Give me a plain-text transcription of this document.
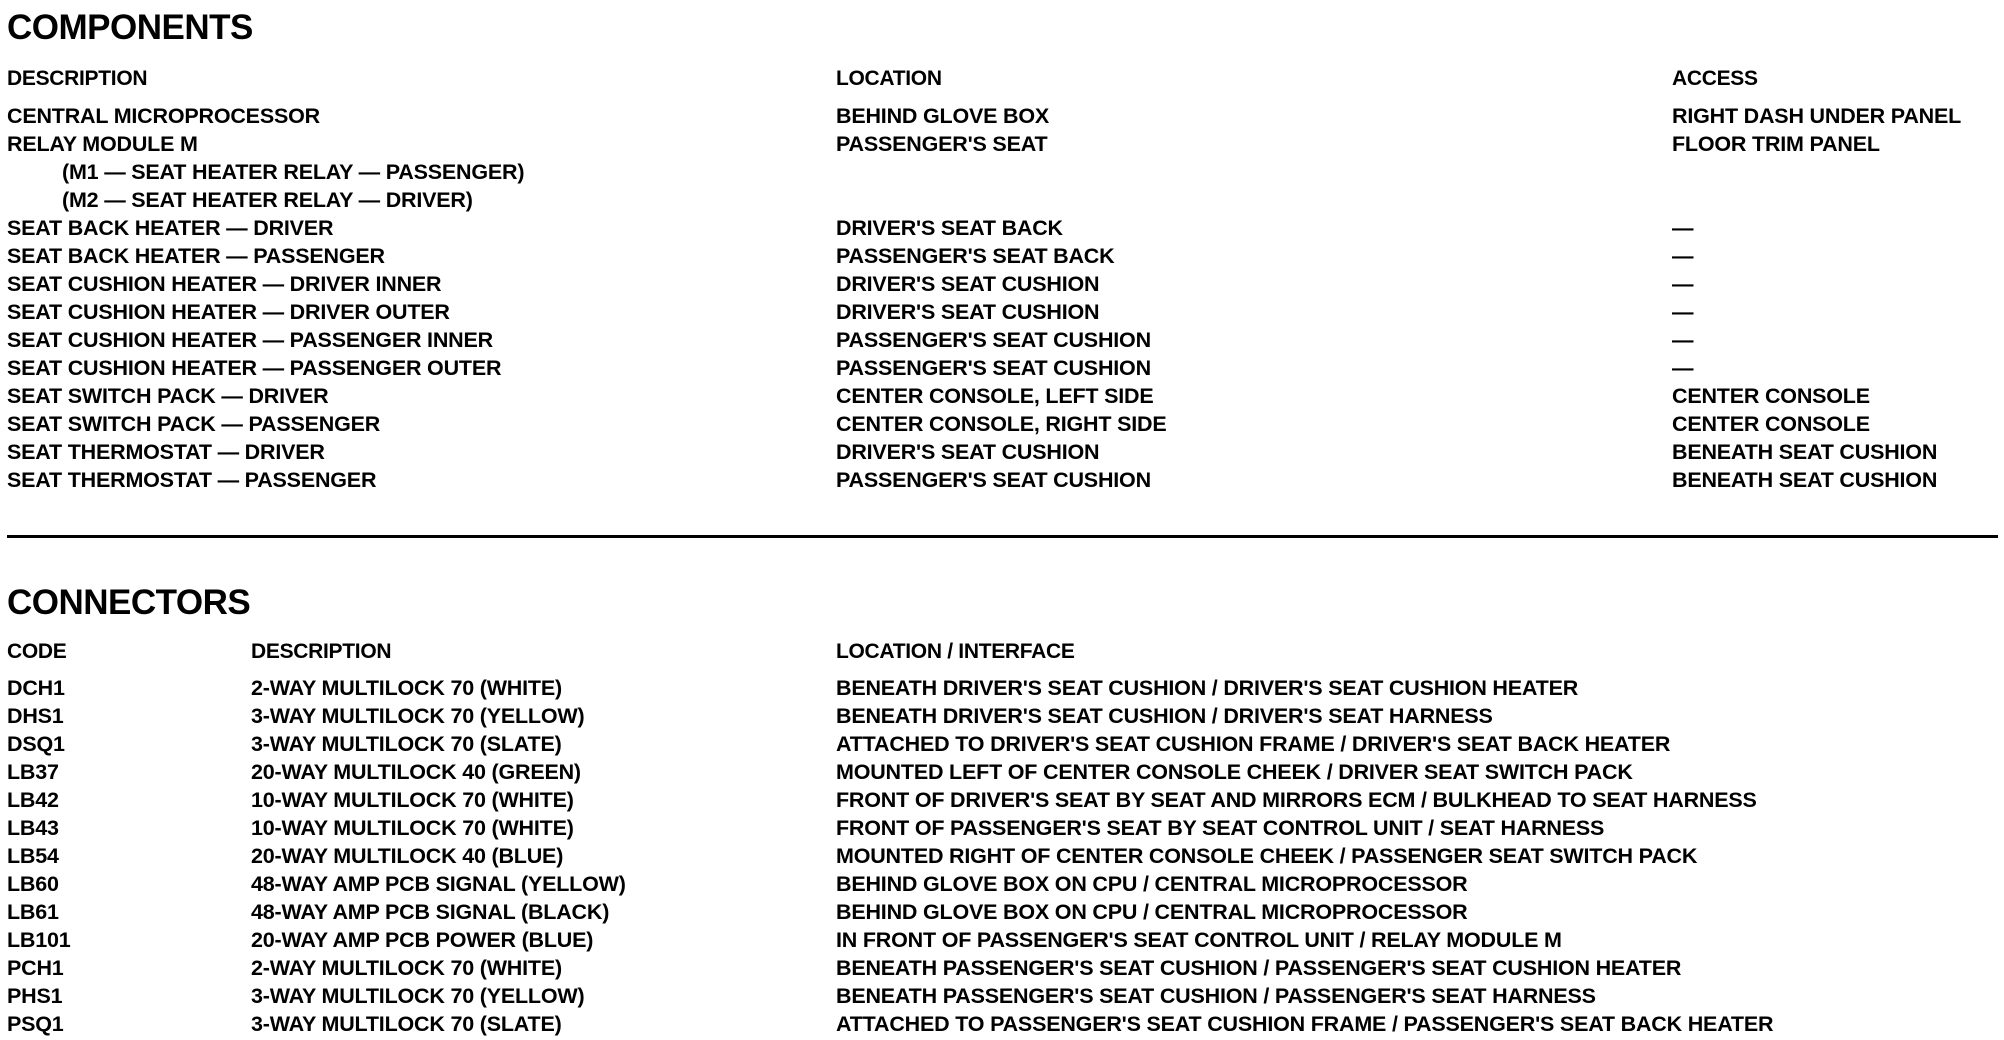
COMPONENTS
DESCRIPTION	LOCATION	ACCESS
CENTRAL MICROPROCESSOR	BEHIND GLOVE BOX	RIGHT DASH UNDER PANEL
RELAY MODULE M	PASSENGER'S SEAT	FLOOR TRIM PANEL
(M1 — SEAT HEATER RELAY — PASSENGER)
(M2 — SEAT HEATER RELAY — DRIVER)
SEAT BACK HEATER — DRIVER	DRIVER'S SEAT BACK	—
SEAT BACK HEATER — PASSENGER	PASSENGER'S SEAT BACK	—
SEAT CUSHION HEATER — DRIVER INNER	DRIVER'S SEAT CUSHION	—
SEAT CUSHION HEATER — DRIVER OUTER	DRIVER'S SEAT CUSHION	—
SEAT CUSHION HEATER — PASSENGER INNER	PASSENGER'S SEAT CUSHION	—
SEAT CUSHION HEATER — PASSENGER OUTER	PASSENGER'S SEAT CUSHION	—
SEAT SWITCH PACK — DRIVER	CENTER CONSOLE, LEFT SIDE	CENTER CONSOLE
SEAT SWITCH PACK — PASSENGER	CENTER CONSOLE, RIGHT SIDE	CENTER CONSOLE
SEAT THERMOSTAT — DRIVER	DRIVER'S SEAT CUSHION	BENEATH SEAT CUSHION
SEAT THERMOSTAT — PASSENGER	PASSENGER'S SEAT CUSHION	BENEATH SEAT CUSHION
CONNECTORS
CODE	DESCRIPTION	LOCATION / INTERFACE
DCH1	2-WAY MULTILOCK 70 (WHITE)	BENEATH DRIVER'S SEAT CUSHION / DRIVER'S SEAT CUSHION HEATER
DHS1	3-WAY MULTILOCK 70 (YELLOW)	BENEATH DRIVER'S SEAT CUSHION / DRIVER'S SEAT HARNESS
DSQ1	3-WAY MULTILOCK 70 (SLATE)	ATTACHED TO DRIVER'S SEAT CUSHION FRAME / DRIVER'S SEAT BACK HEATER
LB37	20-WAY MULTILOCK 40 (GREEN)	MOUNTED LEFT OF CENTER CONSOLE CHEEK / DRIVER SEAT SWITCH PACK
LB42	10-WAY MULTILOCK 70 (WHITE)	FRONT OF DRIVER'S SEAT BY SEAT AND MIRRORS ECM / BULKHEAD TO SEAT HARNESS
LB43	10-WAY MULTILOCK 70 (WHITE)	FRONT OF PASSENGER'S SEAT BY SEAT CONTROL UNIT / SEAT HARNESS
LB54	20-WAY MULTILOCK 40 (BLUE)	MOUNTED RIGHT OF CENTER CONSOLE CHEEK / PASSENGER SEAT SWITCH PACK
LB60	48-WAY AMP PCB SIGNAL (YELLOW)	BEHIND GLOVE BOX ON CPU / CENTRAL MICROPROCESSOR
LB61	48-WAY AMP PCB SIGNAL (BLACK)	BEHIND GLOVE BOX ON CPU / CENTRAL MICROPROCESSOR
LB101	20-WAY AMP PCB POWER (BLUE)	IN FRONT OF PASSENGER'S SEAT CONTROL UNIT / RELAY MODULE M
PCH1	2-WAY MULTILOCK 70 (WHITE)	BENEATH PASSENGER'S SEAT CUSHION / PASSENGER'S SEAT CUSHION HEATER
PHS1	3-WAY MULTILOCK 70 (YELLOW)	BENEATH PASSENGER'S SEAT CUSHION / PASSENGER'S SEAT HARNESS
PSQ1	3-WAY MULTILOCK 70 (SLATE)	ATTACHED TO PASSENGER'S SEAT CUSHION FRAME / PASSENGER'S SEAT BACK HEATER
